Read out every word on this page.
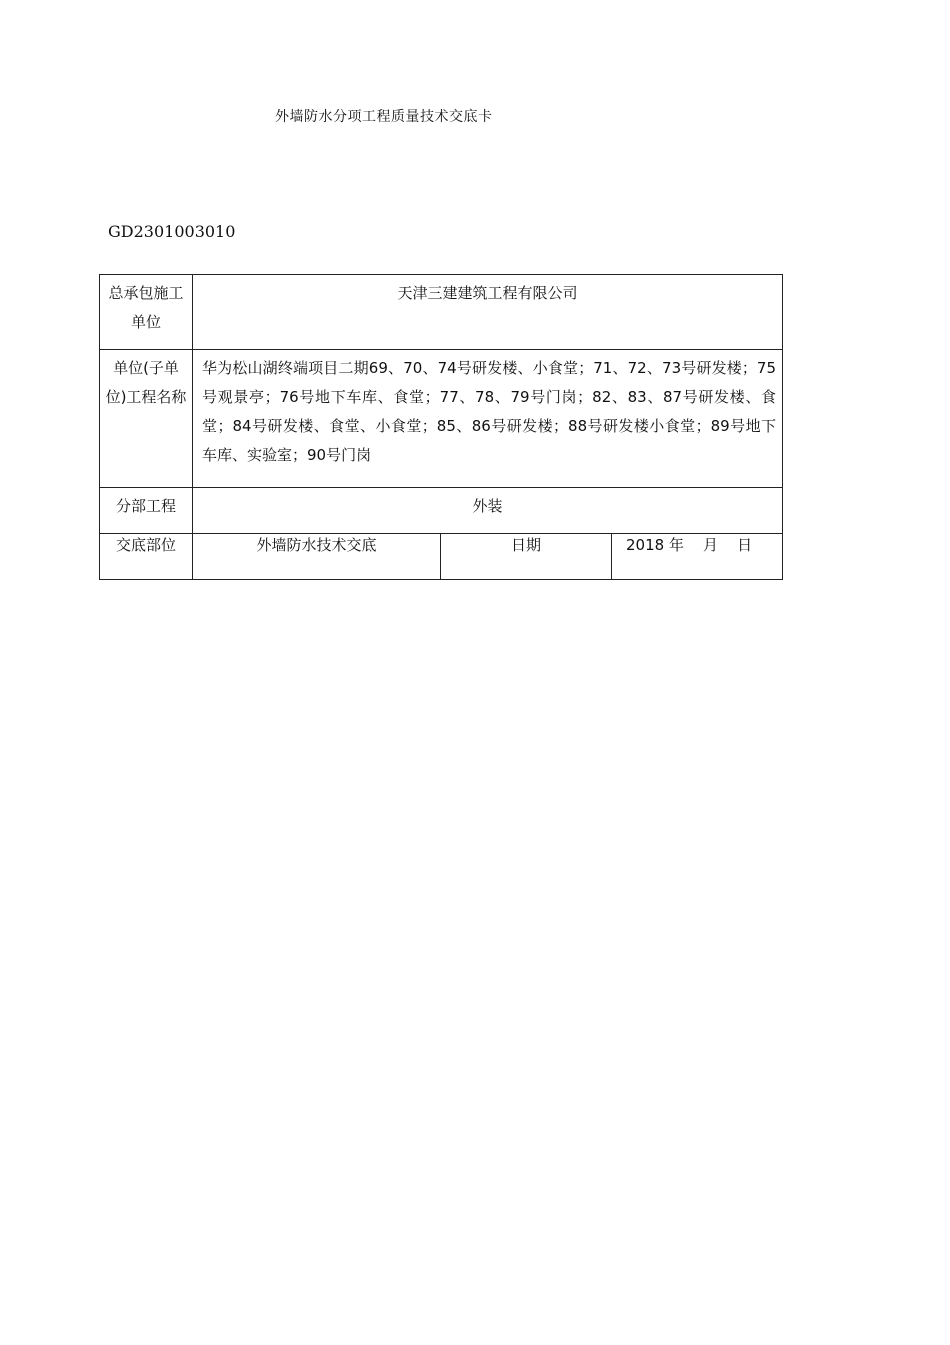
外墙防水分项工程质量技术交底卡
GD2301003010
总承包施工单位	天津三建建筑工程有限公司		
单位(子单位)工程名称	华为松山湖终端项目二期69、70、74号研发楼、小食堂；71、72、73号研发楼；75号观景亭；76号地下车库、食堂；77、78、79号门岗；82、83、87号研发楼、食堂；84号研发楼、食堂、小食堂；85、86号研发楼；88号研发楼小食堂；89号地下车库、实验室；90号门岗		
分部工程	外装		
交底部位	外墙防水技术交底	日期	2018 年    月    日
